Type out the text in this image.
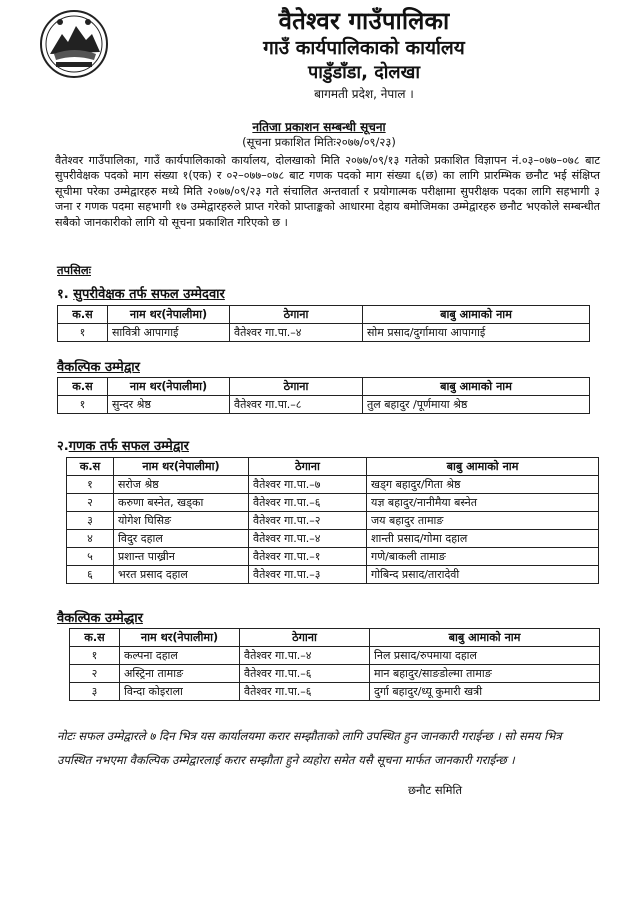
वैतेश्वर गाउँपालिका
गाउँ कार्यपालिकाको कार्यालय
पाडुँडाँडा, दोलखा
बागमती प्रदेश, नेपाल ।
नतिजा प्रकाशन सम्बन्धी सूचना
(सूचना प्रकाशित मितिः२०७७/०९/२३)
वैतेश्वर गाउँपालिका, गाउँ कार्यपालिकाको कार्यालय, दोलखाको मिति २०७७/०९/१३ गतेको प्रकाशित विज्ञापन नं.०३–०७७–०७८ बाट सुपरीवेक्षक पदको माग संख्या १(एक) र ०२–०७७–०७८ बाट गणक पदको माग संख्या ६(छ) का लागि प्रारम्भिक छनौट भई संक्षिप्त सूचीमा परेका उम्मेद्वारहरु मध्ये मिति २०७७/०९/२३ गते संचालित अन्तवार्ता र प्रयोगात्मक परीक्षामा सुपरीक्षक पदका लागि सहभागी ३ जना र गणक पदमा सहभागी १७ उम्मेद्वारहरुले प्राप्त गरेको प्राप्ताङ्कको आधारमा देहाय बमोजिमका उम्मेद्वारहरु छनौट भएकोले सम्बन्धीत सबैको जानकारीको लागि यो सूचना प्रकाशित गरिएको छ ।
तपसिलः
१. सुपरीवेक्षक तर्फ सफल उम्मेदवार
क.स	नाम थर(नेपालीमा)	ठेगाना	बाबु आमाको नाम
१	सावित्री आपागाई	वैतेश्वर गा.पा.–४	सोम प्रसाद/दुर्गामाया आपागाई
वैकल्पिक उम्मेद्वार
क.स	नाम थर(नेपालीमा)	ठेगाना	बाबु आमाको नाम
१	सुन्दर श्रेष्ठ	वैतेश्वर गा.पा.–८	तुल बहादुर /पूर्णमाया श्रेष्ठ
२.गणक तर्फ सफल उम्मेद्वार
क.स	नाम थर(नेपालीमा)	ठेगाना	बाबु आमाको नाम
१	सरोज श्रेष्ठ	वैतेश्वर गा.पा.–७	खड्ग बहादुर/गिता श्रेष्ठ
२	करुणा बस्नेत, खड्का	वैतेश्वर गा.पा.–६	यज्ञ बहादुर/नानीमैया बस्नेत
३	योगेश घिसिङ	वैतेश्वर गा.पा.–२	जय बहादुर तामाङ
४	विदुर दहाल	वैतेश्वर गा.पा.–४	शान्ती प्रसाद/गोमा दहाल
५	प्रशान्त पाख्रीन	वैतेश्वर गा.पा.–१	गणे/बाकली तामाङ
६	भरत प्रसाद दहाल	वैतेश्वर गा.पा.–३	गोबिन्द प्रसाद/तारादेवी
वैकल्पिक उम्मेद्धार
क.स	नाम थर(नेपालीमा)	ठेगाना	बाबु आमाको नाम
१	कल्पना दहाल	वैतेश्वर गा.पा.–४	निल प्रसाद/रुपमाया दहाल
२	अस्ट्रिना तामाङ	वैतेश्वर गा.पा.–६	मान बहादुर/साङडोल्मा तामाङ
३	विन्दा कोइराला	वैतेश्वर गा.पा.–६	दुर्गा बहादुर/ध्यू कुमारी खत्री
नोटः सफल उम्मेद्वारले ७ दिन भित्र यस कार्यालयमा करार सम्झौताको लागि उपस्थित हुन जानकारी गराईन्छ । सो समय भित्र उपस्थित नभएमा वैकल्पिक उम्मेद्वारलाई करार सम्झौता हुने व्यहोरा समेत यसै सूचना मार्फत जानकारी गराईन्छ ।
छनौट समिति
